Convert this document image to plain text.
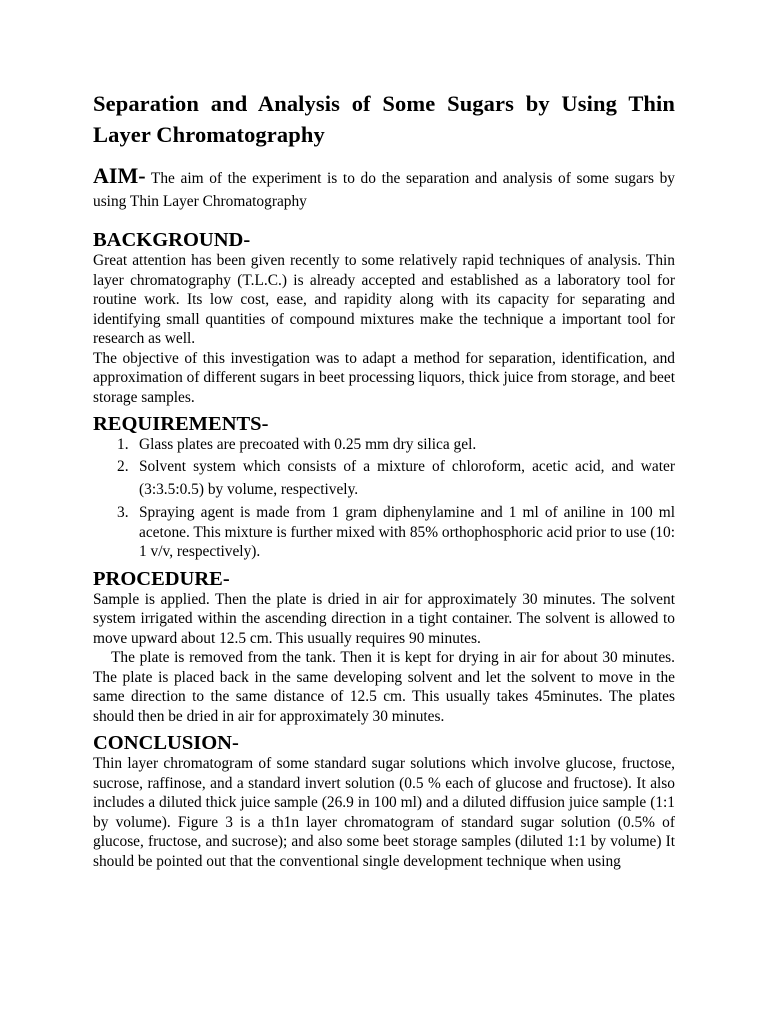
Separation and Analysis of Some Sugars by Using Thin Layer Chromatography

AIM- The aim of the experiment is to do the separation and analysis of some sugars by using Thin Layer Chromatography

BACKGROUND-

Great attention has been given recently to some relatively rapid techniques of analysis. Thin layer chromatography (T.L.C.) is already accepted and established as a laboratory tool for routine work. Its low cost, ease, and rapidity along with its capacity for separating and identifying small quantities of compound mixtures make the technique a important tool for research as well.

The objective of this investigation was to adapt a method for separation, identification, and approximation of different sugars in beet processing liquors, thick juice from storage, and beet storage samples.

REQUIREMENTS-
1. Glass plates are precoated with 0.25 mm dry silica gel.
2. Solvent system which consists of a mixture of chloroform, acetic acid, and water (3:3.5:0.5) by volume, respectively.
3. Spraying agent is made from 1 gram diphenylamine and 1 ml of aniline in 100 ml acetone. This mixture is further mixed with 85% orthophosphoric acid prior to use (10: 1 v/v, respectively).
PROCEDURE-

Sample is applied. Then the plate is dried in air for approximately 30 minutes. The solvent system irrigated within the ascending direction in a tight container. The solvent is allowed to move upward about 12.5 cm. This usually requires 90 minutes.

The plate is removed from the tank. Then it is kept for drying in air for about 30 minutes. The plate is placed back in the same developing solvent and let the solvent to move in the same direction to the same distance of 12.5 cm. This usually takes 45minutes. The plates should then be dried in air for approximately 30 minutes.

CONCLUSION-

Thin layer chromatogram of some standard sugar solutions which involve glucose, fructose, sucrose, raffinose, and a standard invert solution (0.5 % each of glucose and fructose). It also includes a diluted thick juice sample (26.9 in 100 ml) and a diluted diffusion juice sample (1:1 by volume). Figure 3 is a th1n layer chromatogram of standard sugar solution (0.5% of glucose, fructose, and sucrose); and also some beet storage samples (diluted 1:1 by volume) It should be pointed out that the conventional single development technique when using
